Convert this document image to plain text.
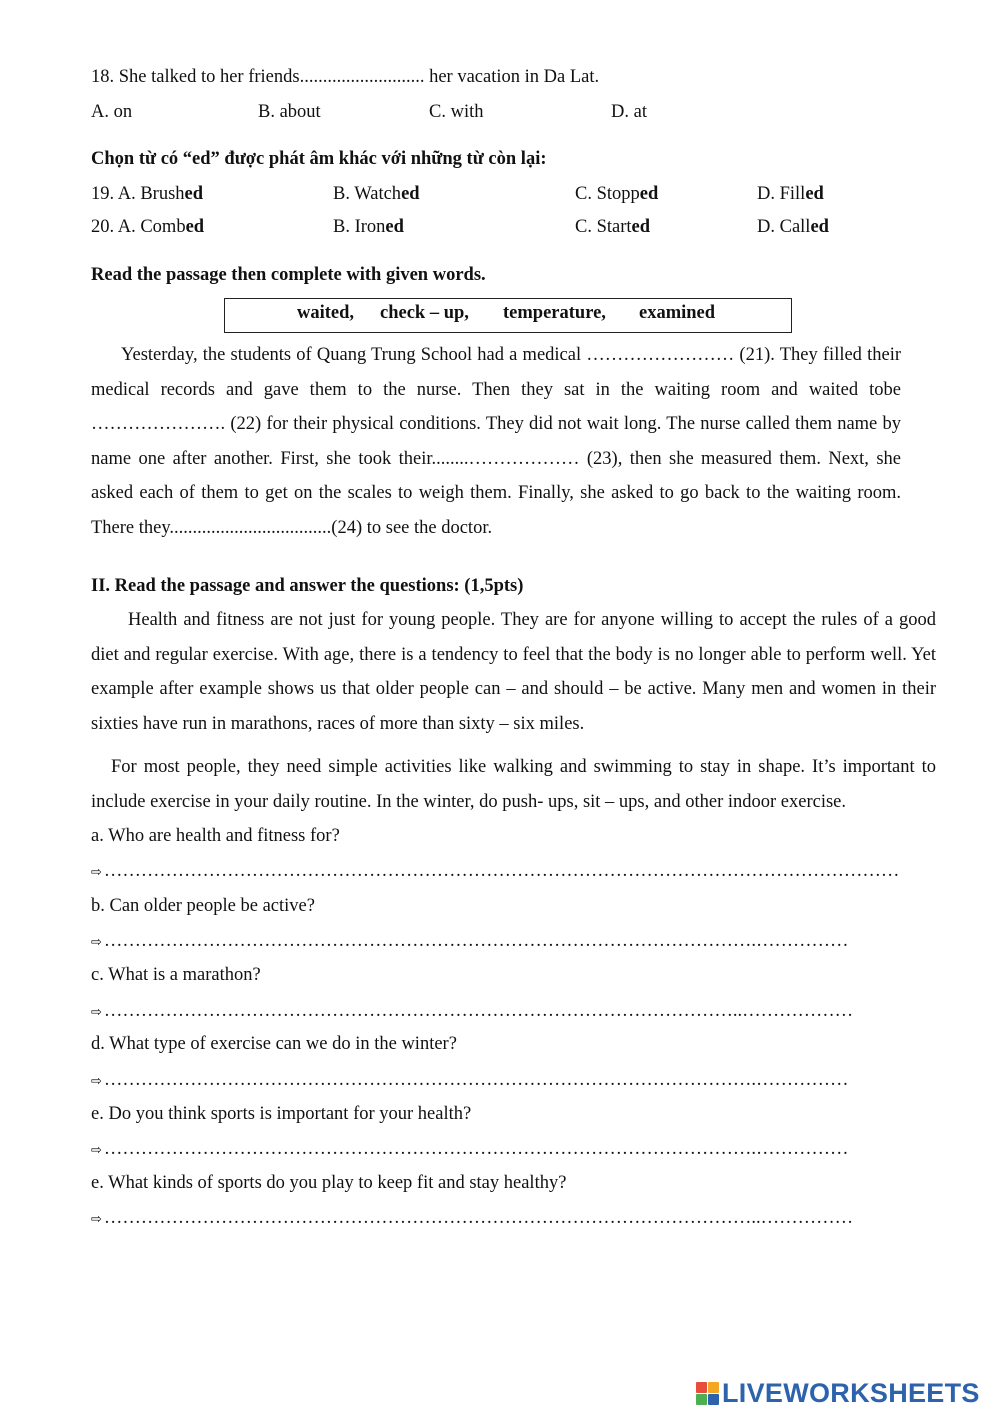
18. She talked to her friends........................... her vacation in Da Lat.
A. on	B. about	C. with	D. at
Chọn từ có “ed” được phát âm khác với những từ còn lại:
19. A. Brushed	B. Watched	C. Stopped	D. Filled
20. A. Combed	B. Ironed	C. Started	D. Called
Read the passage then complete with given words.
waited, check – up, temperature, examined
Yesterday, the students of Quang Trung School had a medical …………………… (21). They filled their medical records and gave them to the nurse. Then they sat in the waiting room and waited tobe …………………. (22) for their physical conditions. They did not wait long. The nurse called them name by name one after another. First, she took their........……………… (23), then she measured them. Next, she asked each of them to get on the scales to weigh them. Finally, she asked to go back to the waiting room. There they...................................(24) to see the doctor.
II. Read the passage and answer the questions: (1,5pts)
Health and fitness are not just for young people. They are for anyone willing to accept the rules of a good diet and regular exercise. With age, there is a tendency to feel that the body is no longer able to perform well. Yet example after example shows us that older people can – and should – be active. Many men and women in their sixties have run in marathons, races of more than sixty – six miles.
For most people, they need simple activities like walking and swimming to stay in shape. It’s important to include exercise in your daily routine. In the winter, do push- ups, sit – ups, and other indoor exercise.
a. Who are health and fitness for?
⇨ …………………………………………………………………………………………………………………
b. Can older people be active?
⇨ …………………………………………………………………………………………….……………
c. What is a marathon?
⇨ …………………………………………………………………………………………..………………
d. What type of exercise can we do in the winter?
⇨ …………………………………………………………………………………………….……………
e. Do you think sports is important for your health?
⇨ …………………………………………………………………………………………….……………
e. What kinds of sports do you play to keep fit and stay healthy?
⇨ ……………………………………………………………………………………………..……………
LIVEWORKSHEETS
